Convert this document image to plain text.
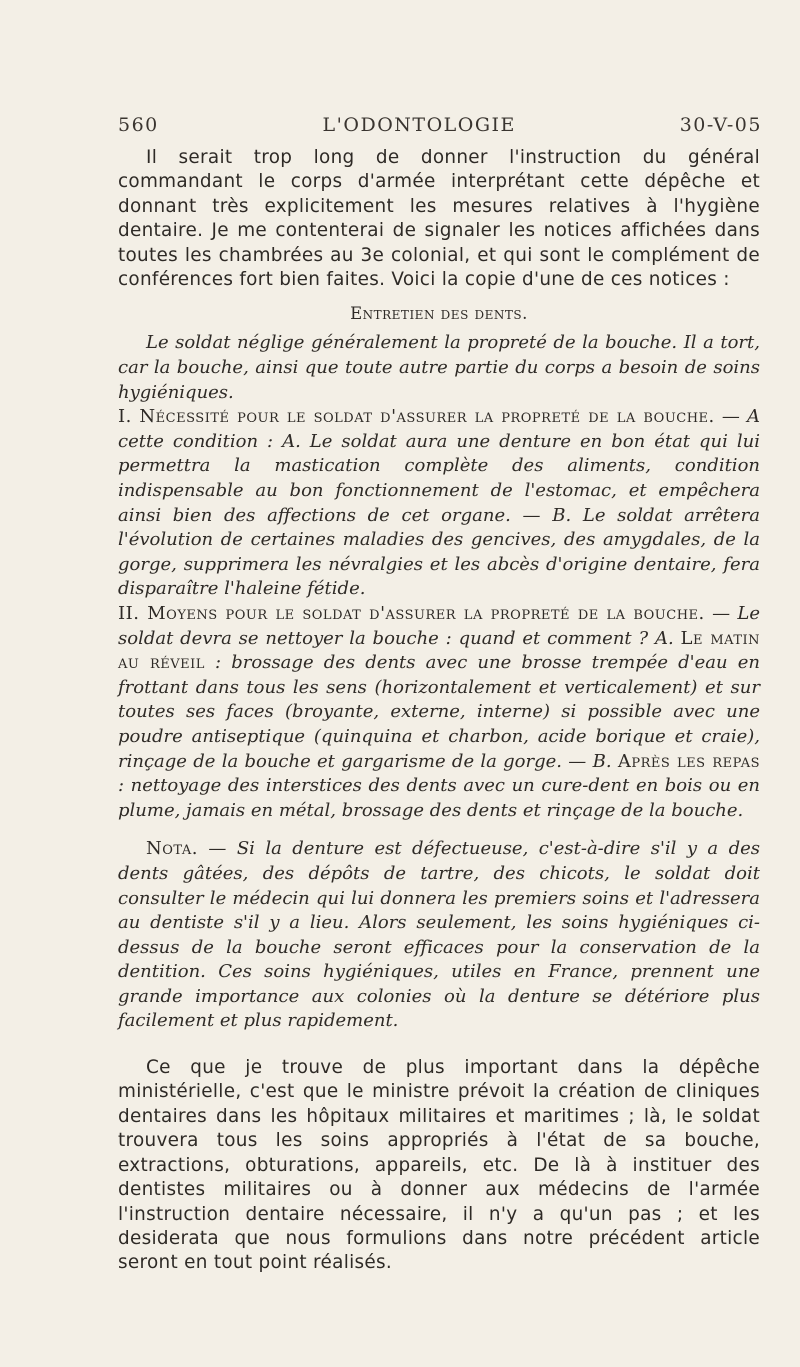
560	L'ODONTOLOGIE	30-V-05

Il serait trop long de donner l'instruction du général commandant le corps d'armée interprétant cette dépêche et donnant très explicitement les mesures relatives à l'hygiène dentaire. Je me contenterai de signaler les notices affichées dans toutes les chambrées au 3e colonial, et qui sont le complément de conférences fort bien faites. Voici la copie d'une de ces notices :

Entretien des dents.

Le soldat néglige généralement la propreté de la bouche. Il a tort, car la bouche, ainsi que toute autre partie du corps a besoin de soins hygiéniques.

I. Nécessité pour le soldat d'assurer la propreté de la bouche. — A cette condition : A. Le soldat aura une denture en bon état qui lui permettra la mastication complète des aliments, condition indispensable au bon fonctionnement de l'estomac, et empêchera ainsi bien des affections de cet organe. — B. Le soldat arrêtera l'évolution de certaines maladies des gencives, des amygdales, de la gorge, supprimera les névralgies et les abcès d'origine dentaire, fera disparaître l'haleine fétide.

II. Moyens pour le soldat d'assurer la propreté de la bouche. — Le soldat devra se nettoyer la bouche : quand et comment ? A. Le matin au réveil : brossage des dents avec une brosse trempée d'eau en frottant dans tous les sens (horizontalement et verticalement) et sur toutes ses faces (broyante, externe, interne) si possible avec une poudre antiseptique (quinquina et charbon, acide borique et craie), rinçage de la bouche et gargarisme de la gorge. — B. Après les repas : nettoyage des interstices des dents avec un cure-dent en bois ou en plume, jamais en métal, brossage des dents et rinçage de la bouche.

Nota. — Si la denture est défectueuse, c'est-à-dire s'il y a des dents gâtées, des dépôts de tartre, des chicots, le soldat doit consulter le médecin qui lui donnera les premiers soins et l'adressera au dentiste s'il y a lieu. Alors seulement, les soins hygiéniques ci-dessus de la bouche seront efficaces pour la conservation de la dentition. Ces soins hygiéniques, utiles en France, prennent une grande importance aux colonies où la denture se détériore plus facilement et plus rapidement.

Ce que je trouve de plus important dans la dépêche ministérielle, c'est que le ministre prévoit la création de cliniques dentaires dans les hôpitaux militaires et maritimes ; là, le soldat trouvera tous les soins appropriés à l'état de sa bouche, extractions, obturations, appareils, etc. De là à instituer des dentistes militaires ou à donner aux médecins de l'armée l'instruction dentaire nécessaire, il n'y a qu'un pas ; et les desiderata que nous formulions dans notre précédent article seront en tout point réalisés.
